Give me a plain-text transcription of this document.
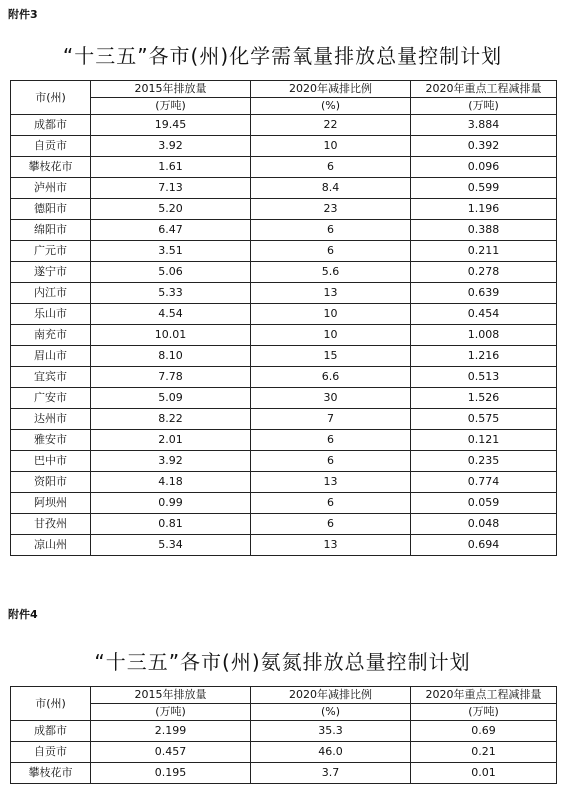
附件3
“十三五”各市(州)化学需氧量排放总量控制计划
市(州)	2015年排放量	2020年减排比例	2020年重点工程减排量
	(万吨)	(%)	(万吨)
成都市	19.45	22	3.884
自贡市	3.92	10	0.392
攀枝花市	1.61	6	0.096
泸州市	7.13	8.4	0.599
德阳市	5.20	23	1.196
绵阳市	6.47	6	0.388
广元市	3.51	6	0.211
遂宁市	5.06	5.6	0.278
内江市	5.33	13	0.639
乐山市	4.54	10	0.454
南充市	10.01	10	1.008
眉山市	8.10	15	1.216
宜宾市	7.78	6.6	0.513
广安市	5.09	30	1.526
达州市	8.22	7	0.575
雅安市	2.01	6	0.121
巴中市	3.92	6	0.235
资阳市	4.18	13	0.774
阿坝州	0.99	6	0.059
甘孜州	0.81	6	0.048
凉山州	5.34	13	0.694
附件4
“十三五”各市(州)氨氮排放总量控制计划
市(州)	2015年排放量	2020年减排比例	2020年重点工程减排量
	(万吨)	(%)	(万吨)
成都市	2.199	35.3	0.69
自贡市	0.457	46.0	0.21
攀枝花市	0.195	3.7	0.01
